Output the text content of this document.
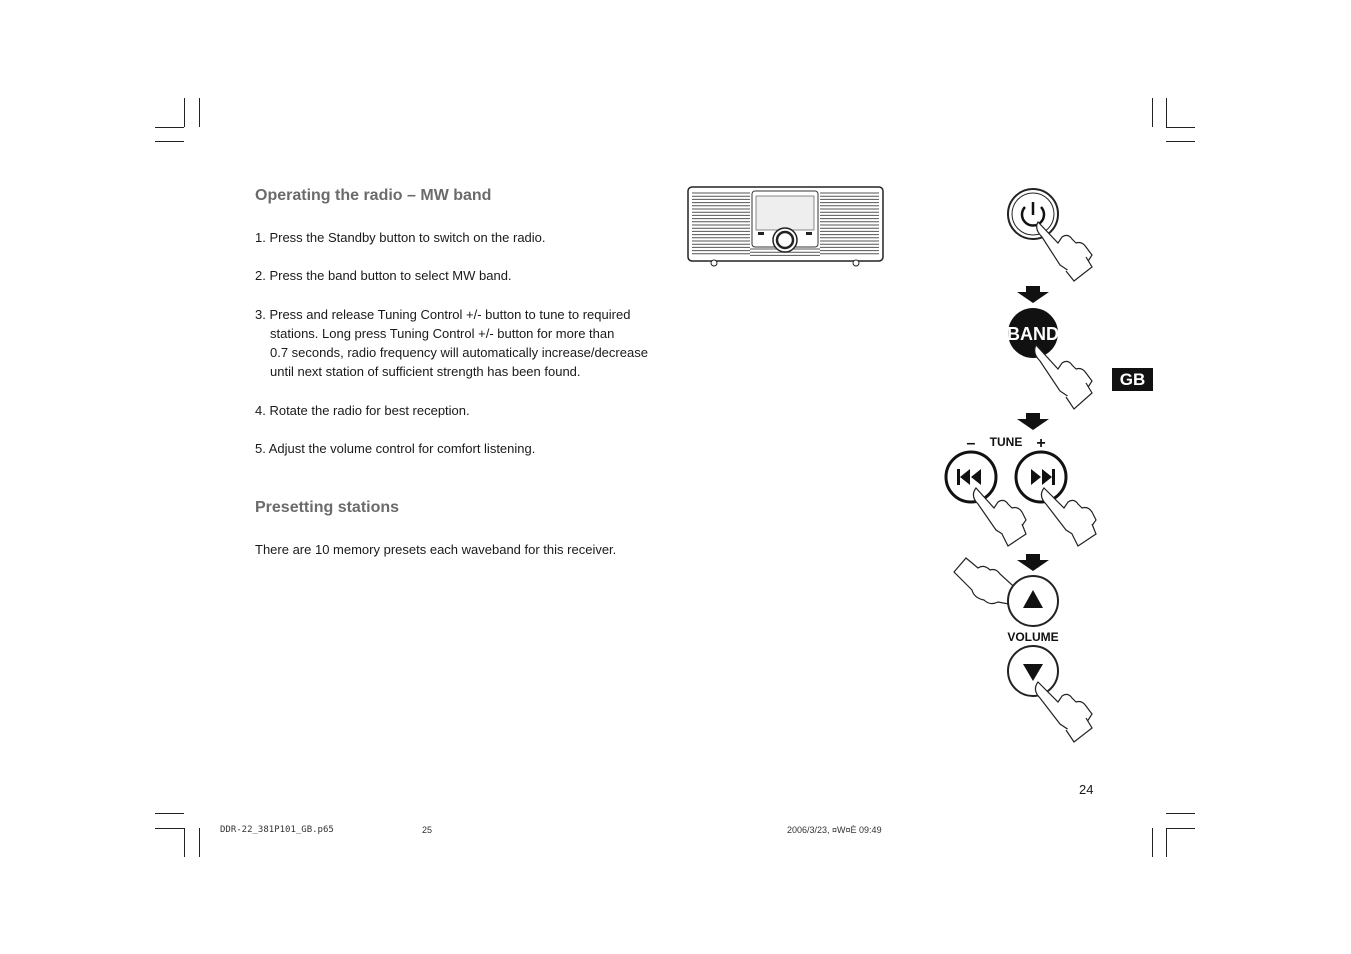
Operating the radio – MW band
1. Press the Standby button to switch on the radio.
2. Press the band button to select MW band.
3. Press and release Tuning Control +/- button to tune to required
stations. Long press Tuning Control +/- button for more than
0.7 seconds, radio frequency will automatically increase/decrease
until next station of sufficient strength has been found.
4. Rotate the radio for best reception.
5. Adjust the volume control for comfort listening.
Presetting stations
There are 10 memory presets each waveband for this receiver.
BAND
GB
– TUNE +
VOLUME
24
DDR-22_381P101_GB.p65	25	2006/3/23, ¤W¤È 09:49
